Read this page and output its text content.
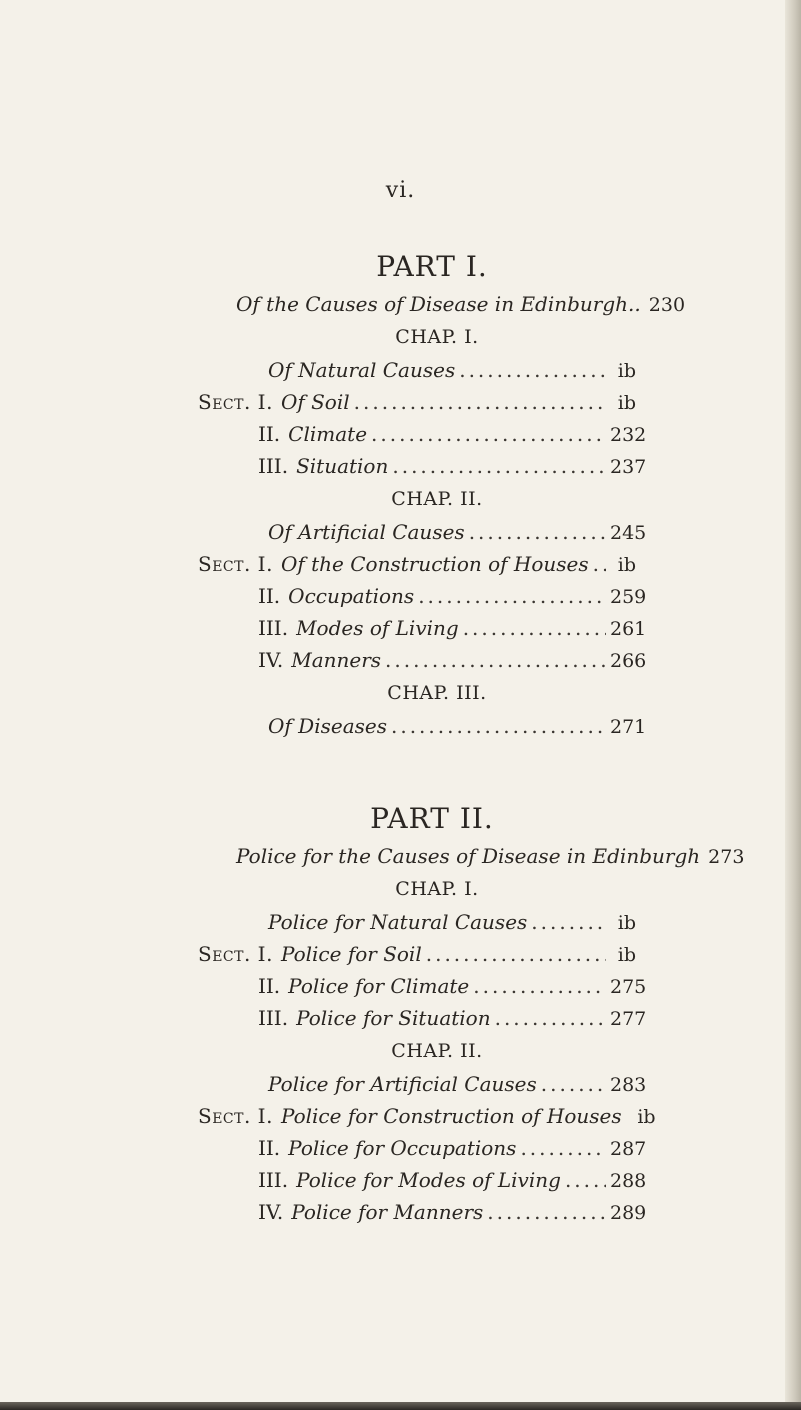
vi.
PART I.
Of the Causes of Disease in Edinburgh.. 230
CHAP. I.
Of Natural Causes .....	ib
Sect. I. Of Soil .....	ib
II. Climate .....	232
III. Situation .....	237
CHAP. II.
Of Artificial Causes .....	245
Sect. I. Of the Construction of Houses .....	ib
II. Occupations .....	259
III. Modes of Living .....	261
IV. Manners .....	266
CHAP. III.
Of Diseases .....	271
PART II.
Police for the Causes of Disease in Edinburgh 273
CHAP. I.
Police for Natural Causes .....	ib
Sect. I. Police for Soil .....	ib
II. Police for Climate .....	275
III. Police for Situation .....	277
CHAP. II.
Police for Artificial Causes .....	283
Sect. I. Police for Construction of Houses ib
II. Police for Occupations .....	287
III. Police for Modes of Living .....	288
IV. Police for Manners .....	289
